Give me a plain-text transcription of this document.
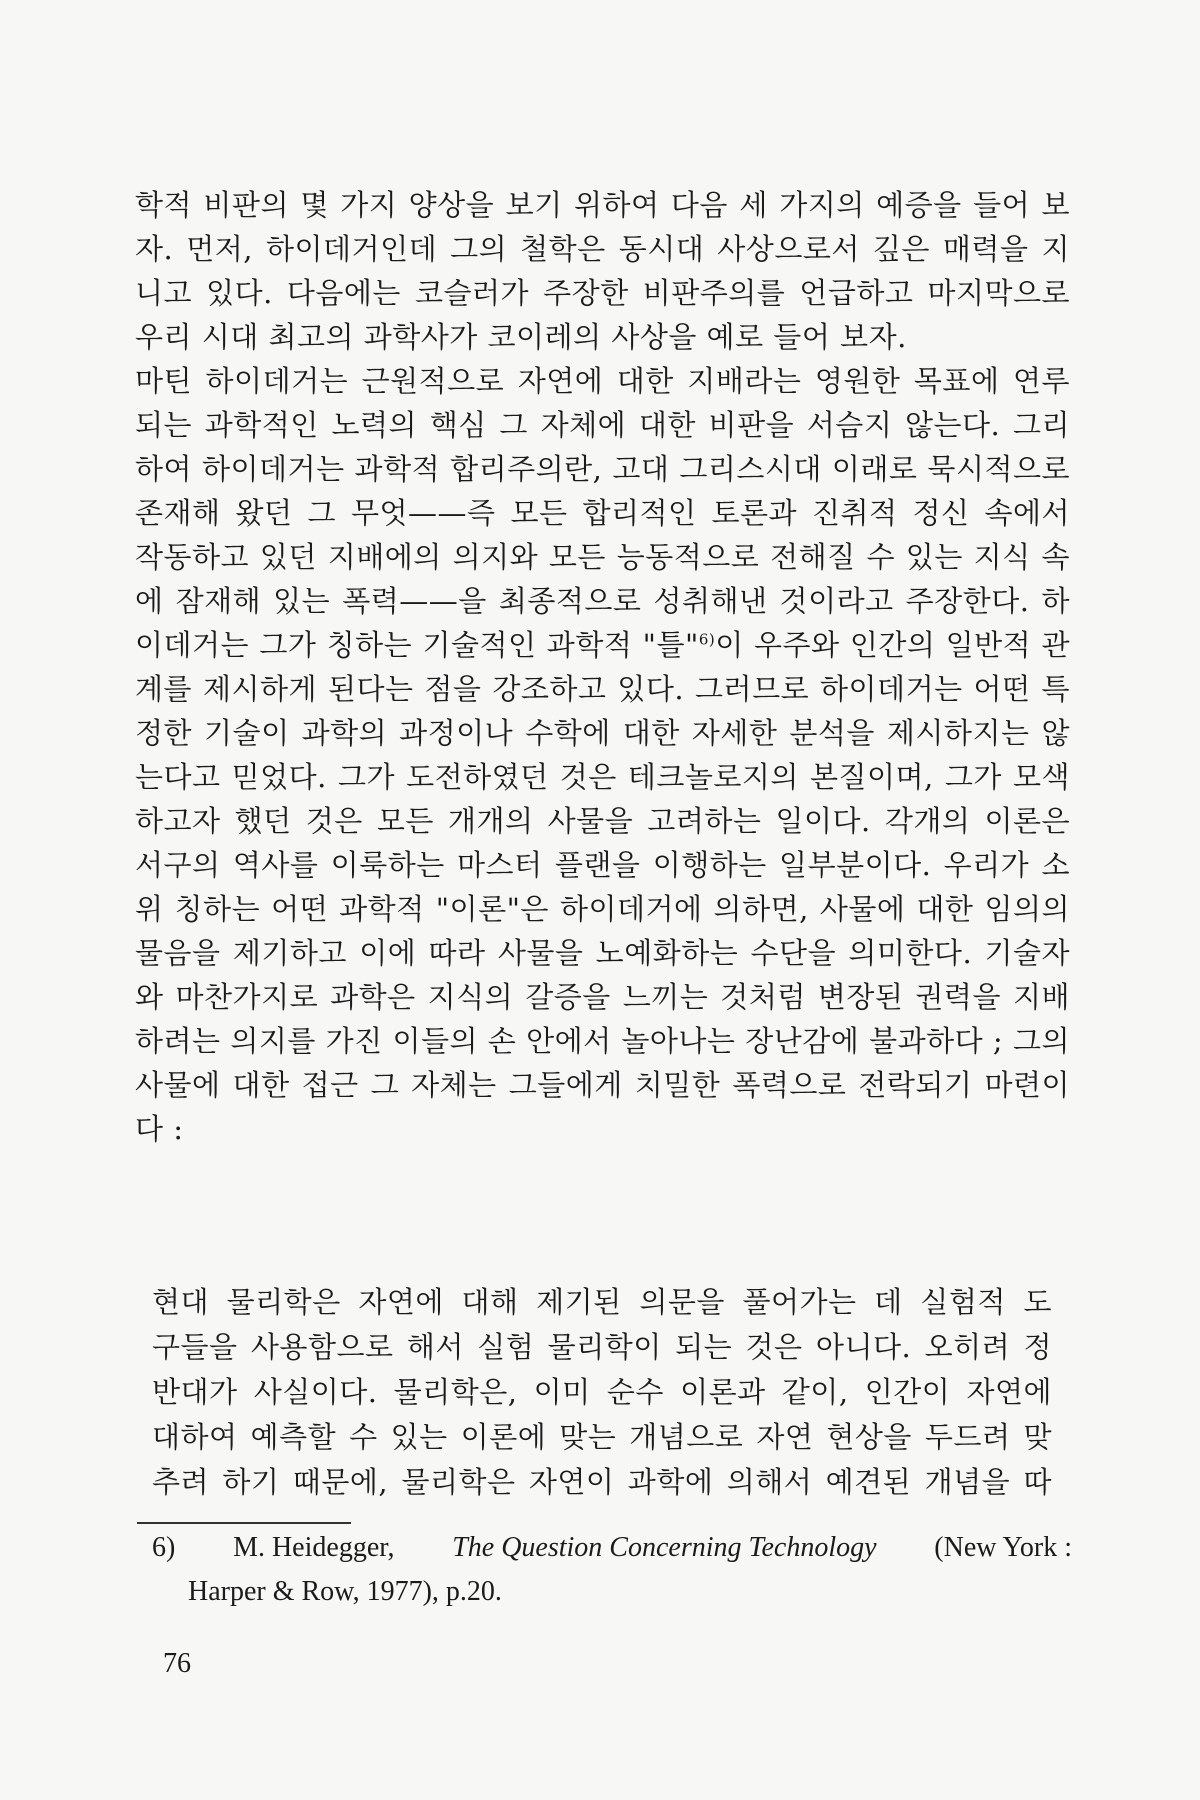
학적 비판의 몇 가지 양상을 보기 위하여 다음 세 가지의 예증을 들어 보
자. 먼저, 하이데거인데 그의 철학은 동시대 사상으로서 깊은 매력을 지
니고 있다. 다음에는 코슬러가 주장한 비판주의를 언급하고 마지막으로
우리 시대 최고의 과학사가 코이레의 사상을 예로 들어 보자.
마틴 하이데거는 근원적으로 자연에 대한 지배라는 영원한 목표에 연루
되는 과학적인 노력의 핵심 그 자체에 대한 비판을 서슴지 않는다. 그리
하여 하이데거는 과학적 합리주의란, 고대 그리스시대 이래로 묵시적으로
존재해 왔던 그 무엇——즉 모든 합리적인 토론과 진취적 정신 속에서
작동하고 있던 지배에의 의지와 모든 능동적으로 전해질 수 있는 지식 속
에 잠재해 있는 폭력——을 최종적으로 성취해낸 것이라고 주장한다. 하
이데거는 그가 칭하는 기술적인 과학적 "틀"$^{6)}$이 우주와 인간의 일반적 관
계를 제시하게 된다는 점을 강조하고 있다. 그러므로 하이데거는 어떤 특
정한 기술이 과학의 과정이나 수학에 대한 자세한 분석을 제시하지는 않
는다고 믿었다. 그가 도전하였던 것은 테크놀로지의 본질이며, 그가 모색
하고자 했던 것은 모든 개개의 사물을 고려하는 일이다. 각개의 이론은
서구의 역사를 이룩하는 마스터 플랜을 이행하는 일부분이다. 우리가 소
위 칭하는 어떤 과학적 "이론"은 하이데거에 의하면, 사물에 대한 임의의
물음을 제기하고 이에 따라 사물을 노예화하는 수단을 의미한다. 기술자
와 마찬가지로 과학은 지식의 갈증을 느끼는 것처럼 변장된 권력을 지배
하려는 의지를 가진 이들의 손 안에서 놀아나는 장난감에 불과하다 ; 그의
사물에 대한 접근 그 자체는 그들에게 치밀한 폭력으로 전락되기 마련이
다 :
현대 물리학은 자연에 대해 제기된 의문을 풀어가는 데 실험적 도
구들을 사용함으로 해서 실험 물리학이 되는 것은 아니다. 오히려 정
반대가 사실이다. 물리학은, 이미 순수 이론과 같이, 인간이 자연에
대하여 예측할 수 있는 이론에 맞는 개념으로 자연 현상을 두드려 맞
추려 하기 때문에, 물리학은 자연이 과학에 의해서 예견된 개념을 따
6) M. Heidegger, The Question Concerning Technology (New York :
Harper & Row, 1977), p.20.
76
